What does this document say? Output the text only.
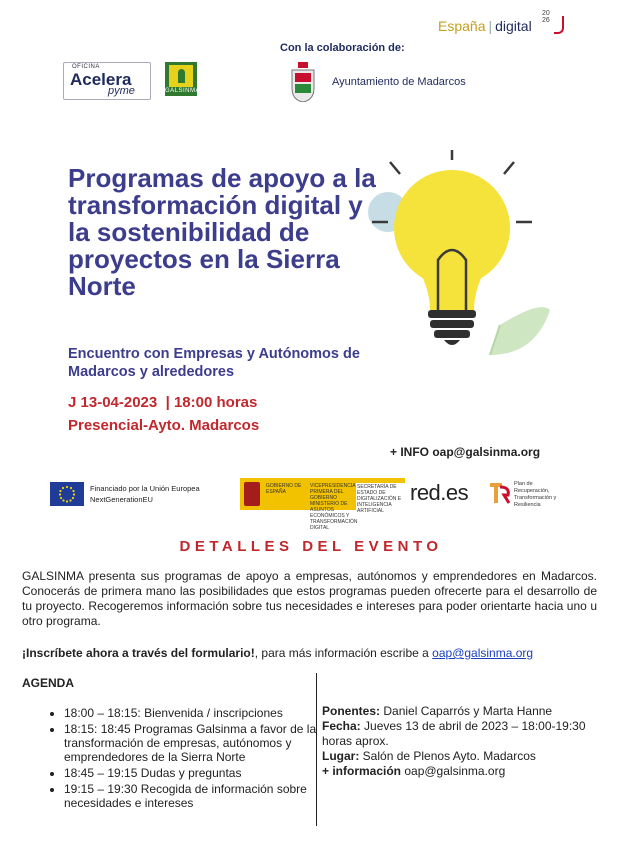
España | digital
20
26
Con la colaboración de:
OFICINA
Acelera
pyme	GALSINMA
Ayuntamiento de Madarcos
Programas de apoyo a la transformación digital y la sostenibilidad de proyectos en la Sierra Norte
Encuentro con Empresas y Autónomos de Madarcos y alrededores
J 13-04-2023 | 18:00 horas
Presencial-Ayto. Madarcos
+ INFO oap@galsinma.org
Financiado por la Unión Europea
NextGenerationEU
GOBIERNO DE ESPAÑA
VICEPRESIDENCIA PRIMERA DEL GOBIERNO MINISTERIO DE ASUNTOS ECONÓMICOS Y TRANSFORMACIÓN DIGITAL
SECRETARÍA DE ESTADO DE DIGITALIZACIÓN E INTELIGENCIA ARTIFICIAL
red.es	Plan de Recuperación, Transformación y Resiliencia
DETALLES DEL EVENTO
GALSINMA presenta sus programas de apoyo a empresas, autónomos y emprendedores en Madarcos. Conocerás de primera mano las posibilidades que estos programas pueden ofrecerte para el desarrollo de tu proyecto. Recogeremos información sobre tus necesidades e intereses para poder orientarte hacia uno u otro programa.
¡Inscríbete ahora a través del formulario!, para más información escribe a oap@galsinma.org
AGENDA
• 18:00 – 18:15: Bienvenida / inscripciones
• 18:15: 18:45 Programas Galsinma a favor de la transformación de empresas, autónomos y emprendedores de la Sierra Norte
• 18:45 – 19:15 Dudas y preguntas
• 19:15 – 19:30 Recogida de información sobre necesidades e intereses
Ponentes: Daniel Caparrós y Marta Hanne
Fecha: Jueves 13 de abril de 2023 – 18:00-19:30 horas aprox.
Lugar: Salón de Plenos Ayto. Madarcos
+ información oap@galsinma.org
